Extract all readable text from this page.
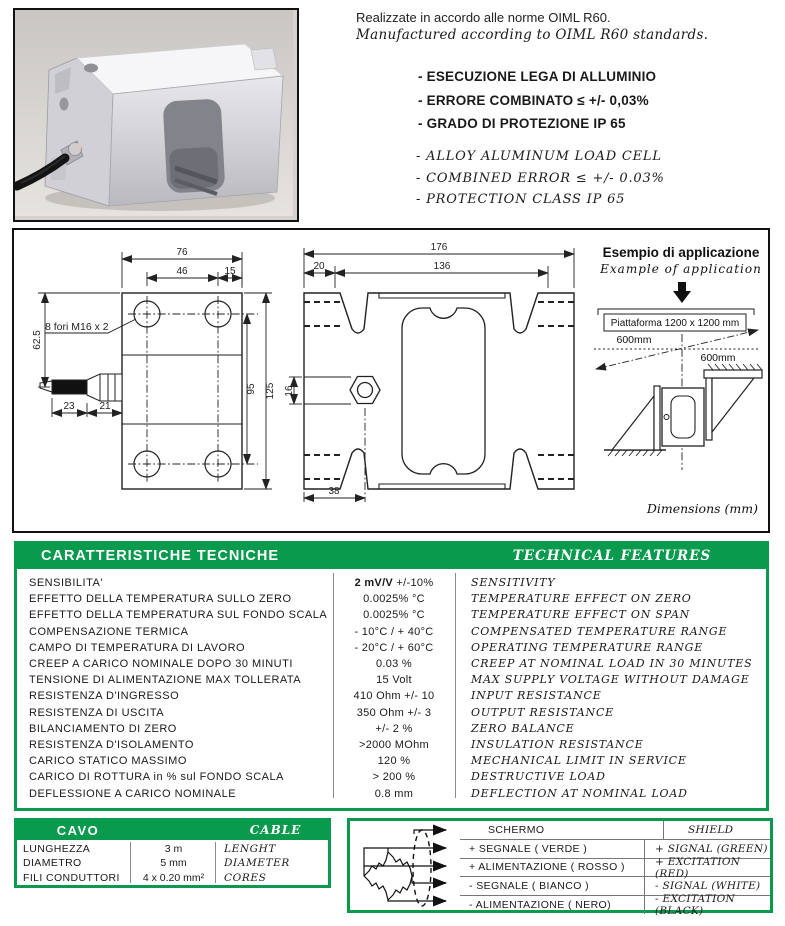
Realizzate in accordo alle norme OIML R60.
Manufactured according to OIML R60 standards.
- ESECUZIONE LEGA DI ALLUMINIO
- ERRORE COMBINATO ≤ +/- 0,03%
- GRADO DI PROTEZIONE IP 65
- ALLOY ALUMINUM LOAD CELL
- COMBINED ERROR ≤ +/- 0.03%
- PROTECTION CLASS IP 65
76
46	15
62.5
23 21
95 125
8 fori M16 x 2
176
20	136
16
38
Esempio di applicazione
Example of application
Piattaforma 1200 x 1200 mm
600mm
600mm
Dimensions (mm)
CARATTERISTICHE TECNICHE	TECHNICAL FEATURES
SENSIBILITA'	2 mV/V +/-10%	SENSITIVITY
EFFETTO DELLA TEMPERATURA SULLO ZERO	0.0025% °C	TEMPERATURE EFFECT ON ZERO
EFFETTO DELLA TEMPERATURA SUL FONDO SCALA	0.0025% °C	TEMPERATURE EFFECT ON SPAN
COMPENSAZIONE TERMICA	- 10°C / + 40°C	COMPENSATED TEMPERATURE RANGE
CAMPO DI TEMPERATURA DI LAVORO	- 20°C / + 60°C	OPERATING TEMPERATURE RANGE
CREEP A CARICO NOMINALE DOPO 30 MINUTI	0.03 %	CREEP AT NOMINAL LOAD IN 30 MINUTES
TENSIONE DI ALIMENTAZIONE MAX TOLLERATA	15 Volt	MAX SUPPLY VOLTAGE WITHOUT DAMAGE
RESISTENZA D'INGRESSO	410 Ohm +/- 10	INPUT RESISTANCE
RESISTENZA DI USCITA	350 Ohm +/- 3	OUTPUT RESISTANCE
BILANCIAMENTO DI ZERO	+/- 2 %	ZERO BALANCE
RESISTENZA D'ISOLAMENTO	>2000 MOhm	INSULATION RESISTANCE
CARICO STATICO MASSIMO	120 %	MECHANICAL LIMIT IN SERVICE
CARICO DI ROTTURA in % sul FONDO SCALA	> 200 %	DESTRUCTIVE LOAD
DEFLESSIONE A CARICO NOMINALE	0.8 mm	DEFLECTION AT NOMINAL LOAD
CAVO	CABLE
LUNGHEZZA	3 m	LENGHT
DIAMETRO	5 mm	DIAMETER
FILI CONDUTTORI	4 x 0.20 mm²	CORES
SCHERMO	SHIELD
+ SEGNALE ( VERDE )	+ SIGNAL (GREEN)
+ ALIMENTAZIONE ( ROSSO )	+ EXCITATION (RED)
- SEGNALE ( BIANCO )	- SIGNAL (WHITE)
- ALIMENTAZIONE ( NERO)	- EXCITATION (BLACK)
